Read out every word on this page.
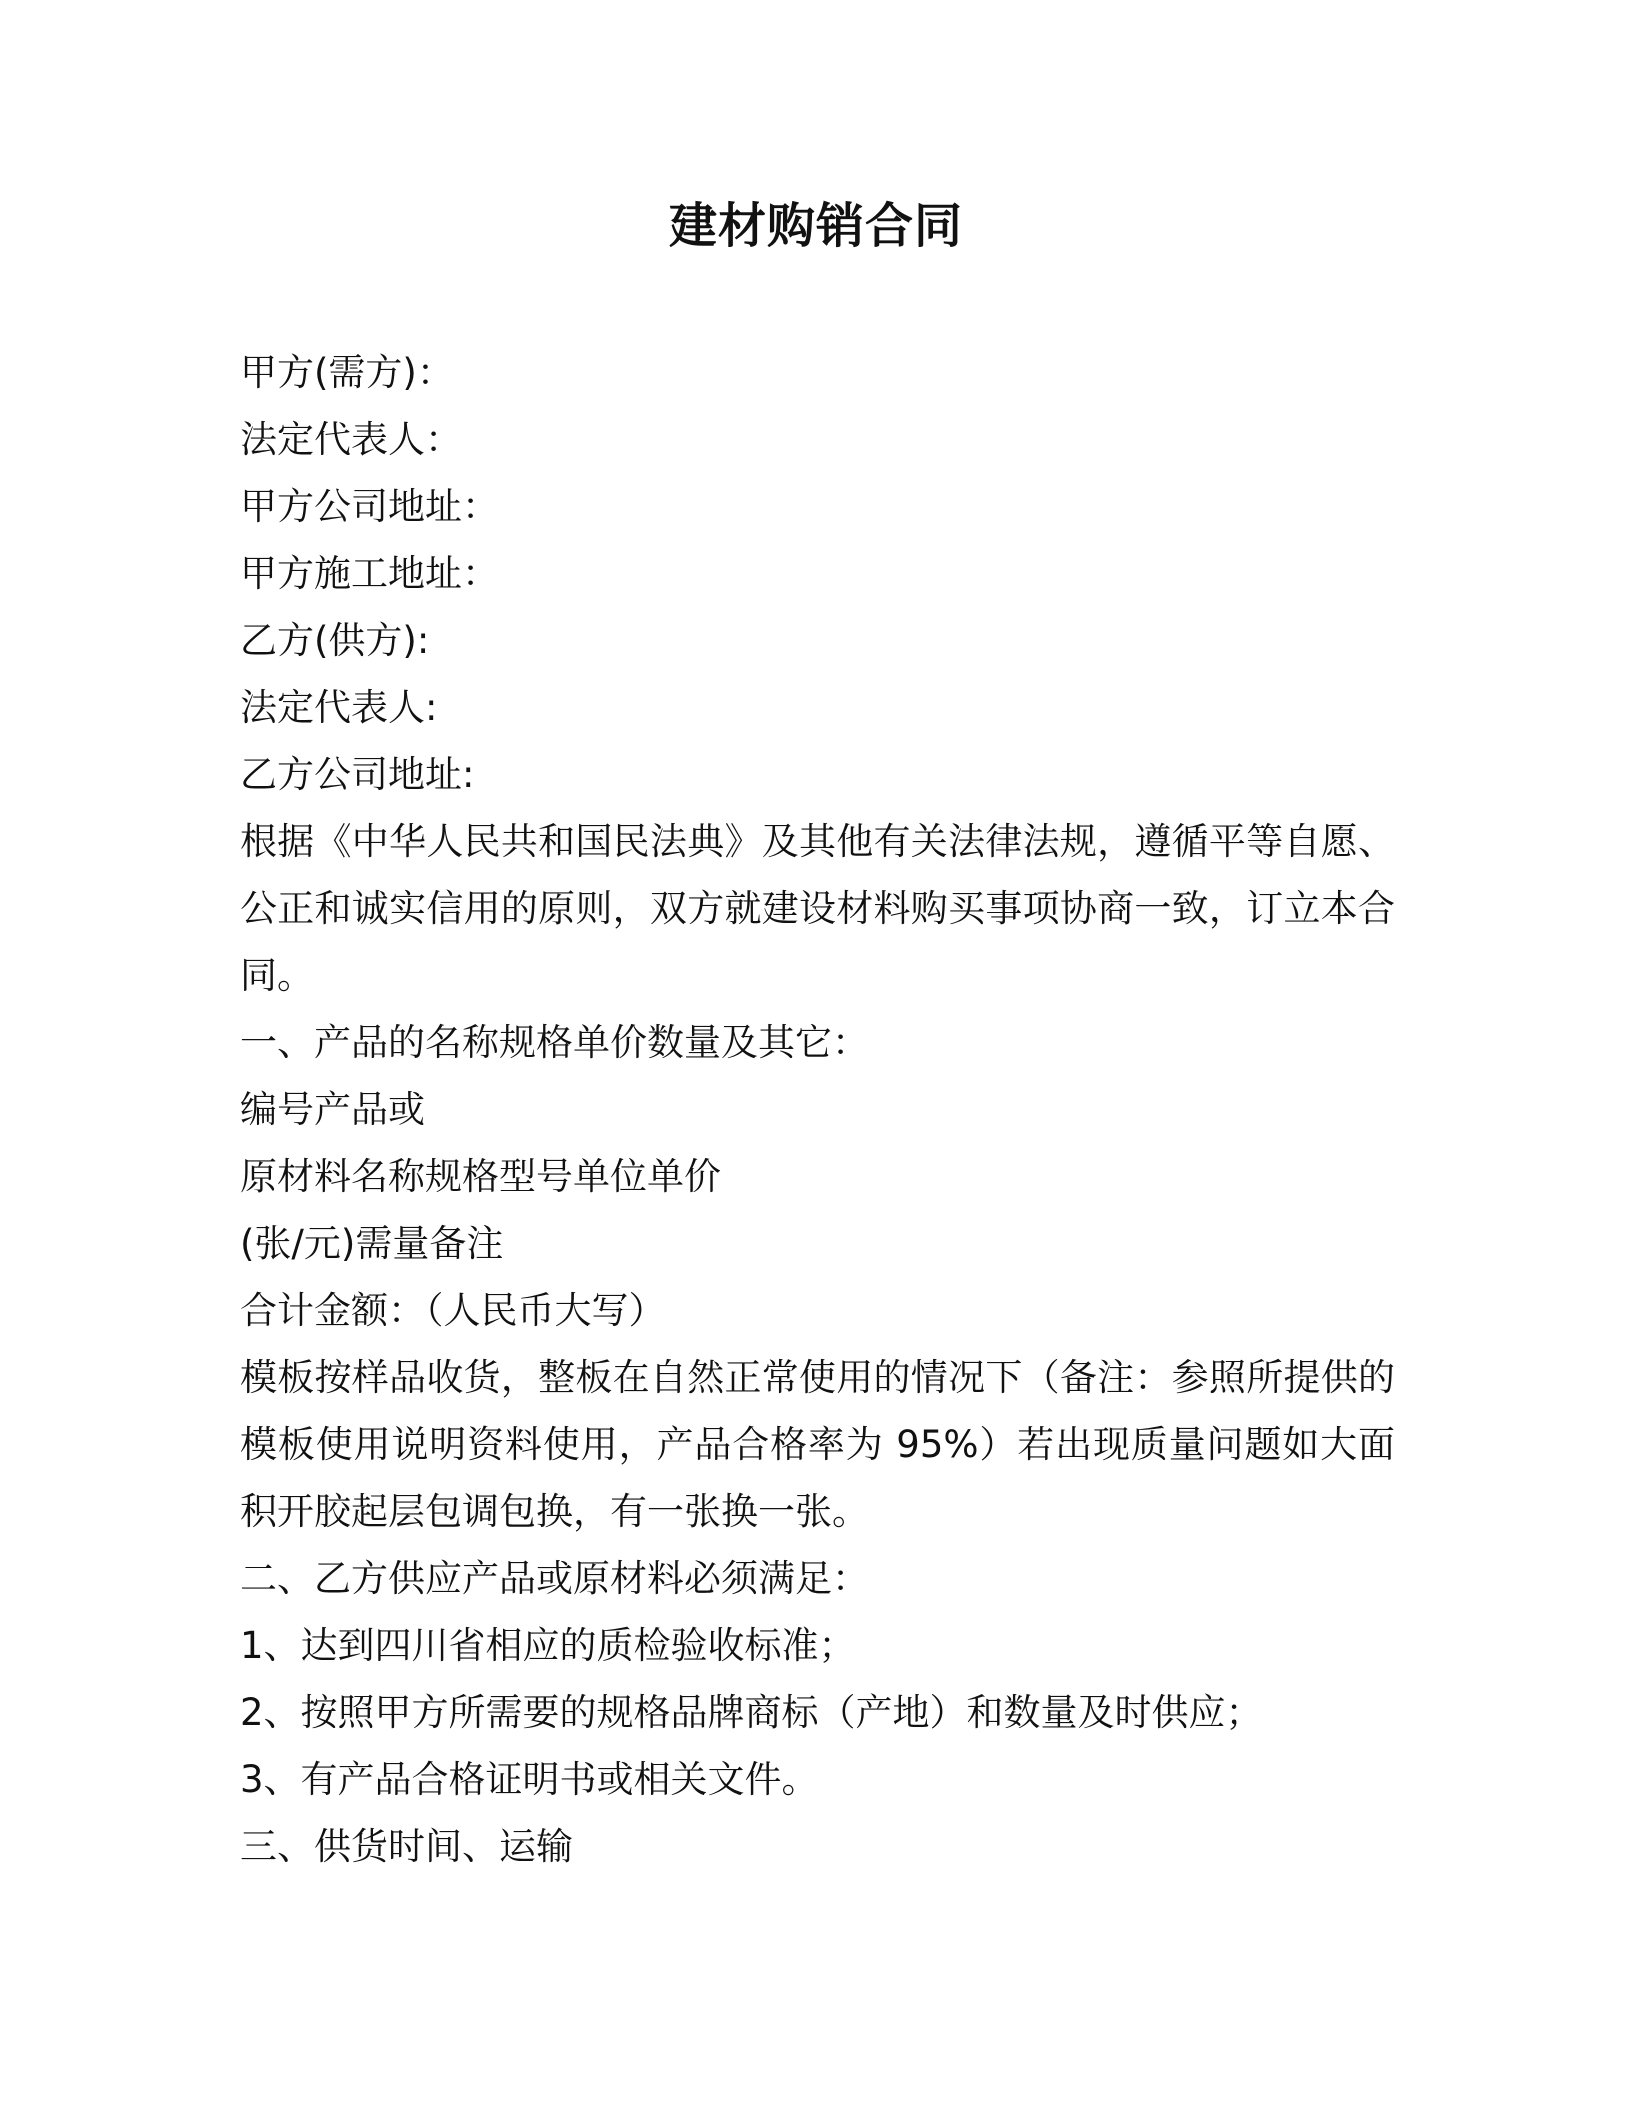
建材购销合同
甲方(需方)：
法定代表人：
甲方公司地址：
甲方施工地址：
乙方(供方):
法定代表人:
乙方公司地址:
根据《中华人民共和国民法典》及其他有关法律法规，遵循平等自愿、公正和诚实信用的原则，双方就建设材料购买事项协商一致，订立本合同。
一、产品的名称规格单价数量及其它：
编号产品或
原材料名称规格型号单位单价
(张/元)需量备注
合计金额：（人民币大写）
模板按样品收货，整板在自然正常使用的情况下（备注：参照所提供的模板使用说明资料使用，产品合格率为 95%）若出现质量问题如大面积开胶起层包调包换，有一张换一张。
二、乙方供应产品或原材料必须满足：
1、达到四川省相应的质检验收标准；
2、按照甲方所需要的规格品牌商标（产地）和数量及时供应；
3、有产品合格证明书或相关文件。
三、供货时间、运输
